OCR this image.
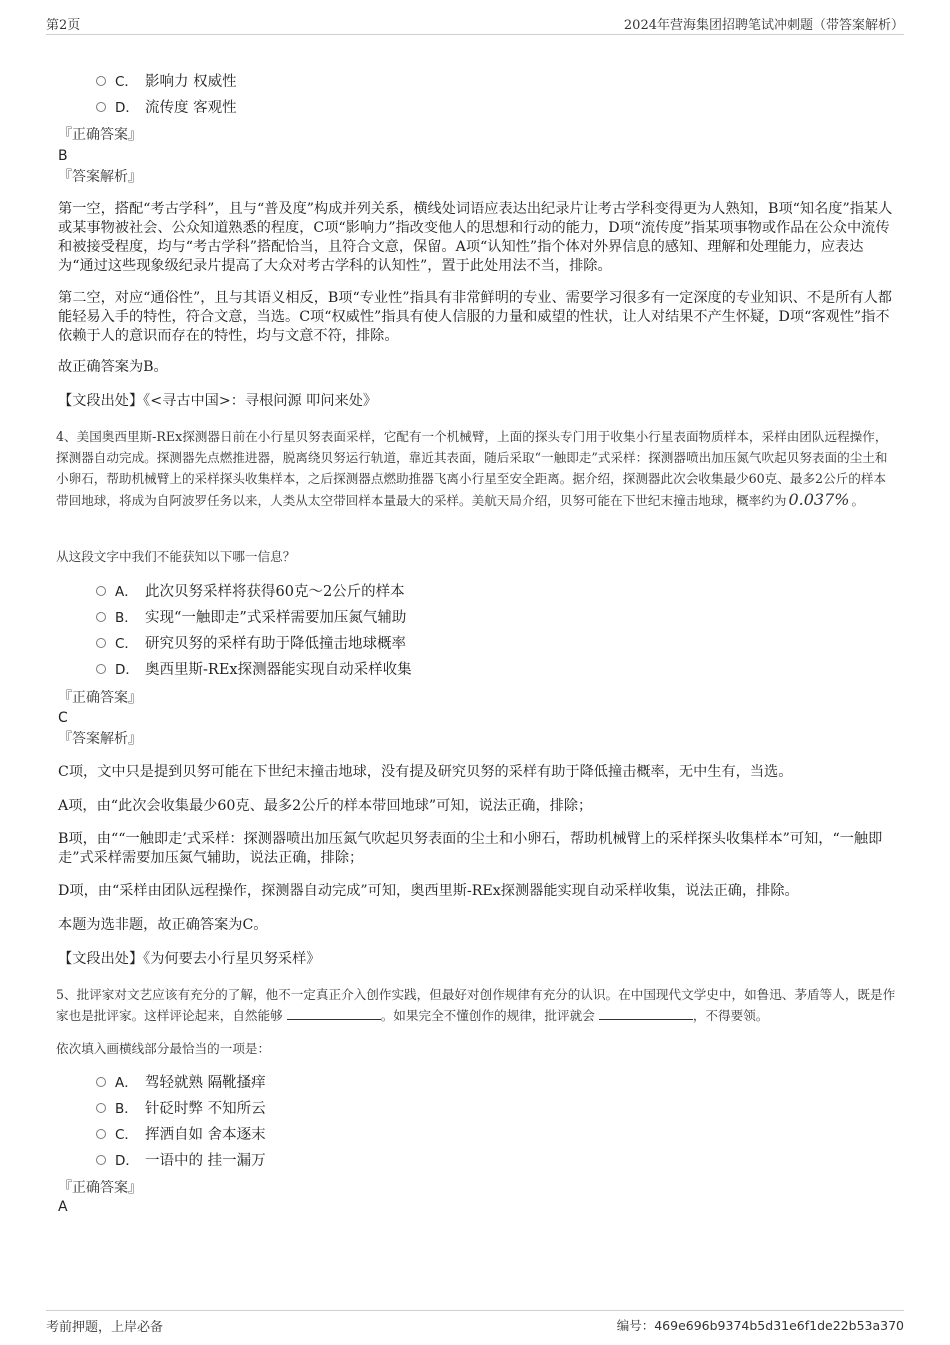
第2页	2024年营海集团招聘笔试冲刺题（带答案解析）
C． 影响力 权威性
D． 流传度 客观性
『正确答案』
B
『答案解析』
第一空，搭配“考古学科”，且与“普及度”构成并列关系，横线处词语应表达出纪录片让考古学科变得更为人熟知，B项“知名度”指某人或某事物被社会、公众知道熟悉的程度，C项“影响力”指改变他人的思想和行动的能力，D项“流传度”指某项事物或作品在公众中流传和被接受程度，均与“考古学科”搭配恰当，且符合文意，保留。A项“认知性”指个体对外界信息的感知、理解和处理能力，应表达为“通过这些现象级纪录片提高了大众对考古学科的认知性”，置于此处用法不当，排除。
第二空，对应“通俗性”，且与其语义相反，B项“专业性”指具有非常鲜明的专业、需要学习很多有一定深度的专业知识、不是所有人都能轻易入手的特性，符合文意，当选。C项“权威性”指具有使人信服的力量和威望的性状，让人对结果不产生怀疑，D项“客观性”指不依赖于人的意识而存在的特性，均与文意不符，排除。
故正确答案为B。
【文段出处】《<寻古中国>：寻根问源 叩问来处》
4、美国奥西里斯-REx探测器日前在小行星贝努表面采样，它配有一个机械臂，上面的探头专门用于收集小行星表面物质样本，采样由团队远程操作，探测器自动完成。探测器先点燃推进器，脱离绕贝努运行轨道，靠近其表面，随后采取“一触即走”式采样：探测器喷出加压氮气吹起贝努表面的尘土和小卵石，帮助机械臂上的采样探头收集样本，之后探测器点燃助推器飞离小行星至安全距离。据介绍，探测器此次会收集最少60克、最多2公斤的样本带回地球，将成为自阿波罗任务以来，人类从太空带回样本量最大的采样。美航天局介绍，贝努可能在下世纪末撞击地球，概率约为 0.037% 。
从这段文字中我们不能获知以下哪一信息？
A． 此次贝努采样将获得60克～2公斤的样本
B． 实现“一触即走”式采样需要加压氮气辅助
C． 研究贝努的采样有助于降低撞击地球概率
D． 奥西里斯-REx探测器能实现自动采样收集
『正确答案』
C
『答案解析』
C项，文中只是提到贝努可能在下世纪末撞击地球，没有提及研究贝努的采样有助于降低撞击概率，无中生有，当选。
A项，由“此次会收集最少60克、最多2公斤的样本带回地球”可知，说法正确，排除；
B项，由““一触即走’式采样：探测器喷出加压氮气吹起贝努表面的尘土和小卵石，帮助机械臂上的采样探头收集样本”可知，“一触即走”式采样需要加压氮气辅助，说法正确，排除；
D项，由“采样由团队远程操作，探测器自动完成”可知，奥西里斯-REx探测器能实现自动采样收集，说法正确，排除。
本题为选非题，故正确答案为C。
【文段出处】《为何要去小行星贝努采样》
5、批评家对文艺应该有充分的了解，他不一定真正介入创作实践，但最好对创作规律有充分的认识。在中国现代文学史中，如鲁迅、茅盾等人，既是作家也是批评家。这样评论起来，自然能够	。如果完全不懂创作的规律，批评就会	，不得要领。
依次填入画横线部分最恰当的一项是：
A． 驾轻就熟 隔靴搔痒
B． 针砭时弊 不知所云
C． 挥洒自如 舍本逐末
D． 一语中的 挂一漏万
『正确答案』
A
考前押题，上岸必备	编号：469e696b9374b5d31e6f1de22b53a370
